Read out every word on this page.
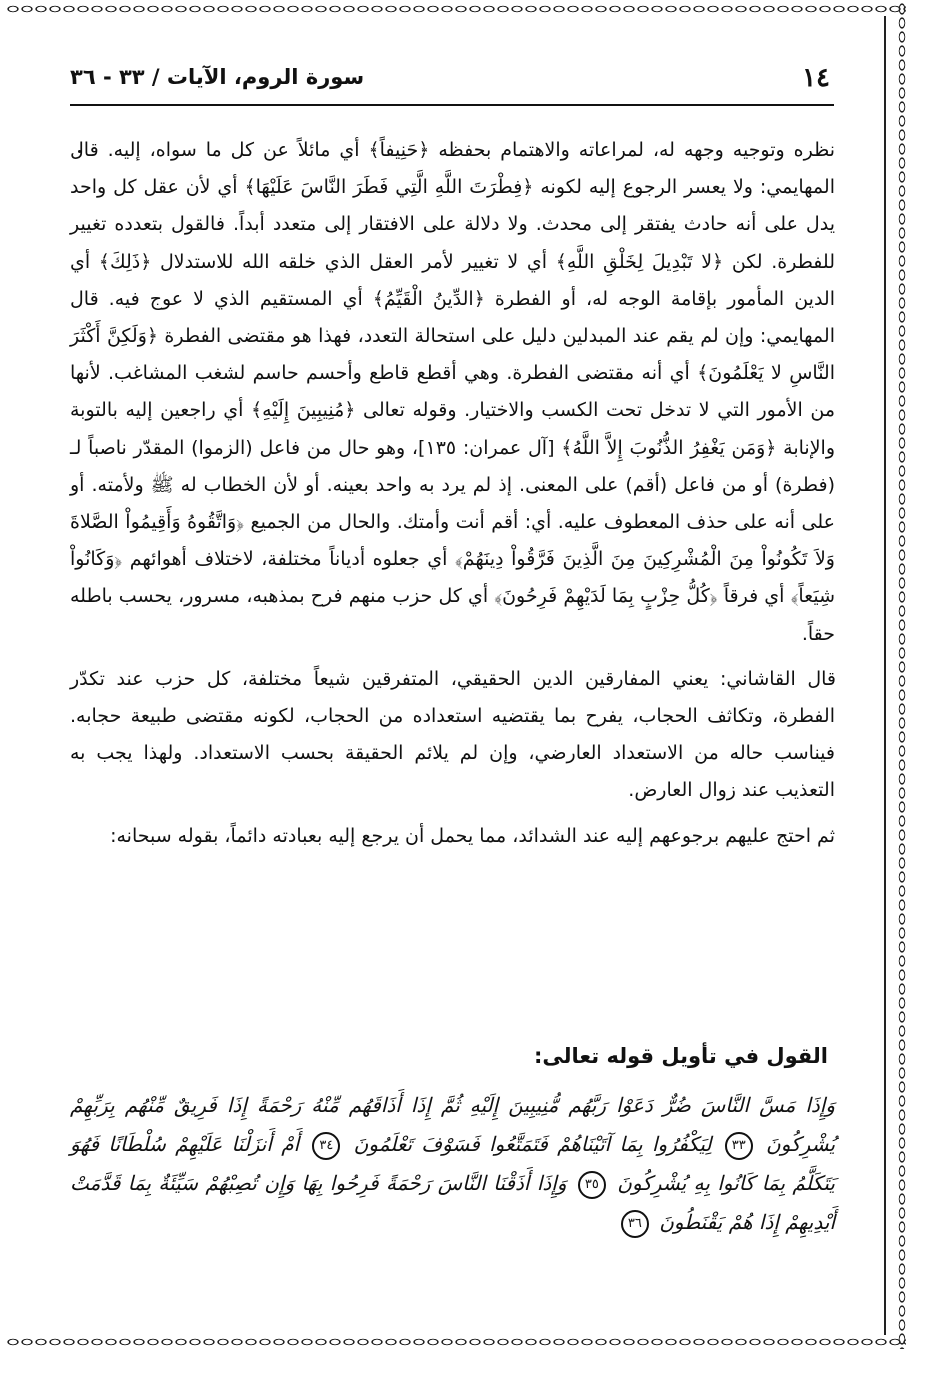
١٤
سورة الروم، الآيات / ٣٣ - ٣٦

نظره وتوجيه وجهه له، لمراعاته والاهتمام بحفظه ﴿حَنِيفاً﴾ أي مائلاً عن كل ما سواه، إليه. قال المهايمي: ولا يعسر الرجوع إليه لكونه ﴿فِطْرَتَ اللَّهِ الَّتِي فَطَرَ النَّاسَ عَلَيْهَا﴾ أي لأن عقل كل واحد يدل على أنه حادث يفتقر إلى محدث. ولا دلالة على الافتقار إلى متعدد أبداً. فالقول بتعدده تغيير للفطرة. لكن ﴿لا تَبْدِيلَ لِخَلْقِ اللَّهِ﴾ أي لا تغيير لأمر العقل الذي خلقه الله للاستدلال ﴿ذَلِكَ﴾ أي الدين المأمور بإقامة الوجه له، أو الفطرة ﴿الدِّينُ الْقَيِّمُ﴾ أي المستقيم الذي لا عوج فيه. قال المهايمي: وإن لم يقم عند المبدلين دليل على استحالة التعدد، فهذا هو مقتضى الفطرة ﴿وَلَكِنَّ أَكْثَرَ النَّاسِ لا يَعْلَمُونَ﴾ أي أنه مقتضى الفطرة. وهي أقطع قاطع وأحسم حاسم لشغب المشاغب. لأنها من الأمور التي لا تدخل تحت الكسب والاختيار. وقوله تعالى ﴿مُنِيبِينَ إِلَيْهِ﴾ أي راجعين إليه بالتوبة والإنابة ﴿وَمَن يَغْفِرُ الذُّنُوبَ إِلاَّ اللَّهُ﴾ [آل عمران: ١٣٥]، وهو حال من فاعل (الزموا) المقدّر ناصباً لـ (فطرة) أو من فاعل (أقم) على المعنى. إذ لم يرد به واحد بعينه. أو لأن الخطاب له ﷺ ولأمته. أو على أنه على حذف المعطوف عليه. أي: أقم أنت وأمتك. والحال من الجميع ﴿وَاتَّقُوهُ وَأَقِيمُواْ الصَّلاةَ وَلاَ تَكُونُواْ مِنَ الْمُشْرِكِينَ مِنَ الَّذِينَ فَرَّقُواْ دِينَهُمْ﴾ أي جعلوه أدياناً مختلفة، لاختلاف أهوائهم ﴿وَكَانُواْ شِيَعاً﴾ أي فرقاً ﴿كُلُّ حِزْبٍ بِمَا لَدَيْهِمْ فَرِحُونَ﴾ أي كل حزب منهم فرح بمذهبه، مسرور، يحسب باطله حقاً.

قال القاشاني: يعني المفارقين الدين الحقيقي، المتفرقين شيعاً مختلفة، كل حزب عند تكدّر الفطرة، وتكاثف الحجاب، يفرح بما يقتضيه استعداده من الحجاب، لكونه مقتضى طبيعة حجابه. فيناسب حاله من الاستعداد العارضي، وإن لم يلائم الحقيقة بحسب الاستعداد. ولهذا يجب به التعذيب عند زوال العارض.

ثم احتج عليهم برجوعهم إليه عند الشدائد، مما يحمل أن يرجع إليه بعبادته دائماً، بقوله سبحانه:

القول في تأويل قوله تعالى:
وَإِذَا مَسَّ النَّاسَ ضُرٌّ دَعَوْا رَبَّهُم مُّنِيبِينَ إِلَيْهِ ثُمَّ إِذَا أَذَاقَهُم مِّنْهُ رَحْمَةً إِذَا فَرِيقٌ مِّنْهُم بِرَبِّهِمْ يُشْرِكُونَ ٣٣ لِيَكْفُرُوا بِمَا آتَيْنَاهُمْ فَتَمَتَّعُوا فَسَوْفَ تَعْلَمُونَ ٣٤ أَمْ أَنزَلْنَا عَلَيْهِمْ سُلْطَانًا فَهُوَ يَتَكَلَّمُ بِمَا كَانُوا بِهِ يُشْرِكُونَ ٣٥ وَإِذَا أَذَقْنَا النَّاسَ رَحْمَةً فَرِحُوا بِهَا وَإِن تُصِبْهُمْ سَيِّئَةٌ بِمَا قَدَّمَتْ أَيْدِيهِمْ إِذَا هُمْ يَقْنَطُونَ ٣٦
